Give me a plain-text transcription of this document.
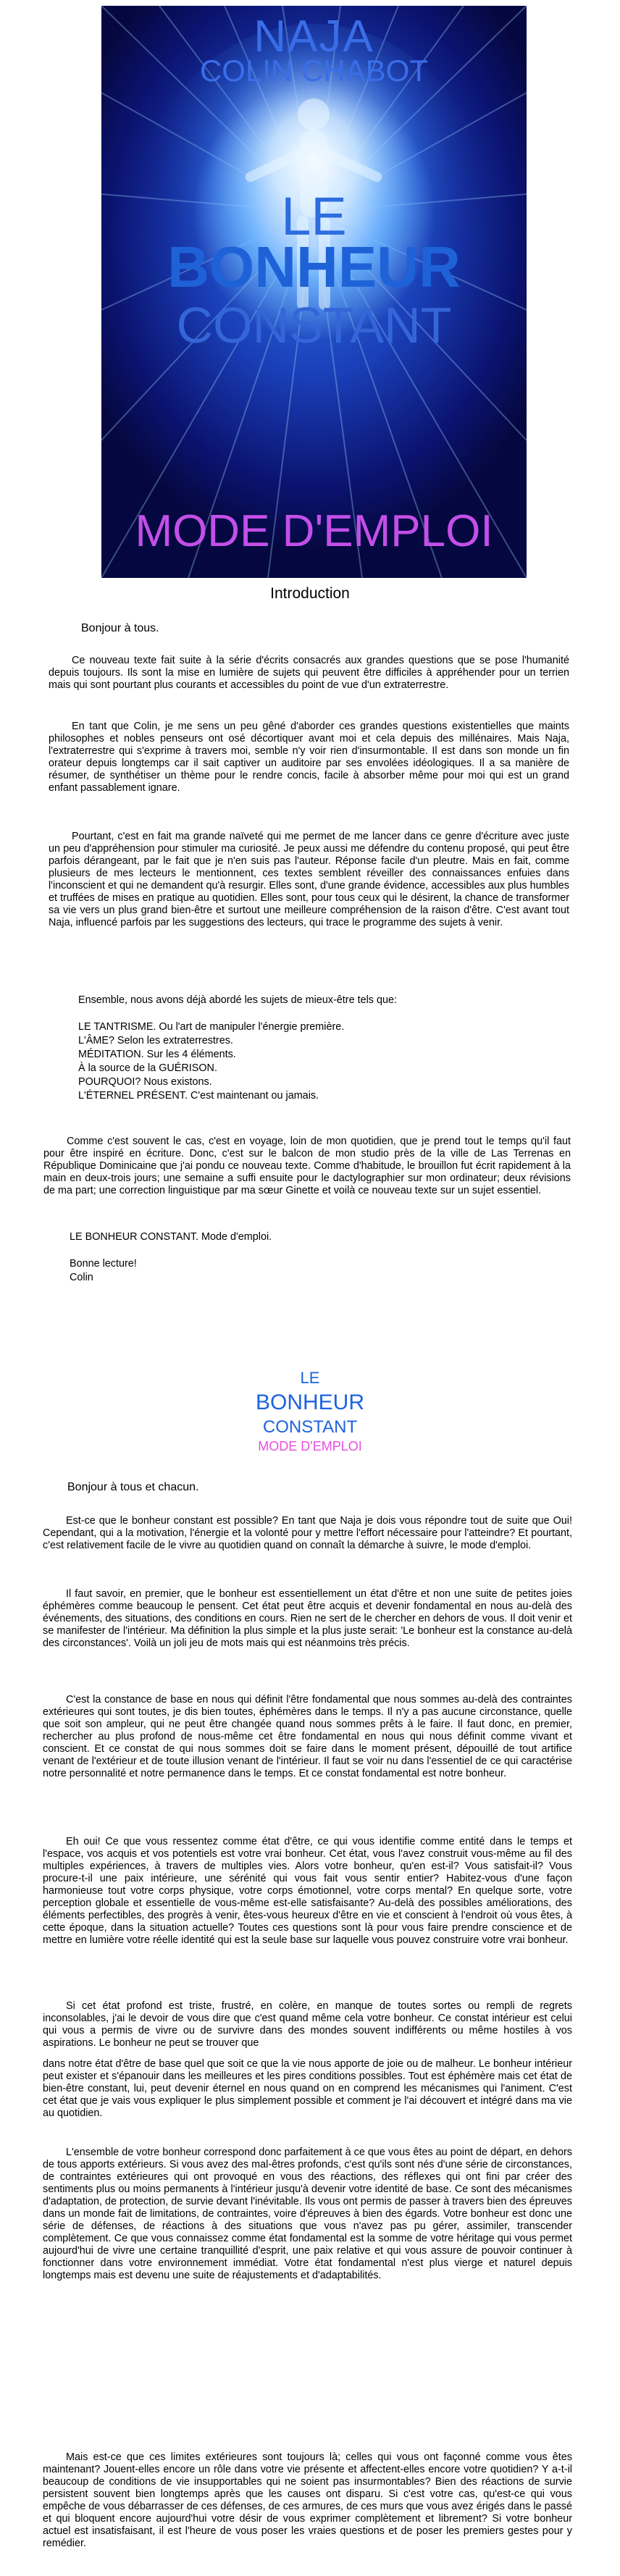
NAJA
COLIN CHABOT
LE
BONHEUR
CONSTANT
MODE D'EMPLOI
Introduction

Bonjour à tous.

Ce nouveau texte fait suite à la série d'écrits consacrés aux grandes questions que se pose l'humanité depuis toujours. Ils sont la mise en lumière de sujets qui peuvent être difficiles à appréhender pour un terrien mais qui sont pourtant plus courants et accessibles du point de vue d'un extraterrestre.

En tant que Colin, je me sens un peu gêné d'aborder ces grandes questions existentielles que maints philosophes et nobles penseurs ont osé décortiquer avant moi et cela depuis des millénaires. Mais Naja, l'extraterrestre qui s'exprime à travers moi, semble n'y voir rien d'insurmontable. Il est dans son monde un fin orateur depuis longtemps car il sait captiver un auditoire par ses envolées idéologiques. Il a sa manière de résumer, de synthétiser un thème pour le rendre concis, facile à absorber même pour moi qui est un grand enfant passablement ignare.

Pourtant, c'est en fait ma grande naïveté qui me permet de me lancer dans ce genre d'écriture avec juste un peu d'appréhension pour stimuler ma curiosité. Je peux aussi me défendre du contenu proposé, qui peut être parfois dérangeant, par le fait que je n'en suis pas l'auteur. Réponse facile d'un pleutre. Mais en fait, comme plusieurs de mes lecteurs le mentionnent, ces textes semblent réveiller des connaissances enfuies dans l'inconscient et qui ne demandent qu'à resurgir. Elles sont, d'une grande évidence, accessibles aux plus humbles et truffées de mises en pratique au quotidien. Elles sont, pour tous ceux qui le désirent, la chance de transformer sa vie vers un plus grand bien-être et surtout une meilleure compréhension de la raison d'être. C'est avant tout Naja, influencé parfois par les suggestions des lecteurs, qui trace le programme des sujets à venir.

Ensemble, nous avons déjà abordé les sujets de mieux-être tels que:

LE TANTRISME. Ou l'art de manipuler l'énergie première.

L'ÂME? Selon les extraterrestres.

MÉDITATION. Sur les 4 éléments.

À la source de la GUÉRISON.

POURQUOI? Nous existons.

L'ÉTERNEL PRÉSENT. C'est maintenant ou jamais.

Comme c'est souvent le cas, c'est en voyage, loin de mon quotidien, que je prend tout le temps qu'il faut pour être inspiré en écriture. Donc, c'est sur le balcon de mon studio près de la ville de Las Terrenas en République Dominicaine que j'ai pondu ce nouveau texte. Comme d'habitude, le brouillon fut écrit rapidement à la main en deux-trois jours; une semaine a suffi ensuite pour le dactylographier sur mon ordinateur; deux révisions de ma part; une correction linguistique par ma sœur Ginette et voilà ce nouveau texte sur un sujet essentiel.

LE BONHEUR CONSTANT. Mode d'emploi.

Bonne lecture!

Colin

LE
BONHEUR
CONSTANT
MODE D'EMPLOI

Bonjour à tous et chacun.

Est-ce que le bonheur constant est possible? En tant que Naja je dois vous répondre tout de suite que Oui! Cependant, qui a la motivation, l'énergie et la volonté pour y mettre l'effort nécessaire pour l'atteindre? Et pourtant, c'est relativement facile de le vivre au quotidien quand on connaît la démarche à suivre, le mode d'emploi.

Il faut savoir, en premier, que le bonheur est essentiellement un état d'être et non une suite de petites joies éphémères comme beaucoup le pensent. Cet état peut être acquis et devenir fondamental en nous au-delà des événements, des situations, des conditions en cours. Rien ne sert de le chercher en dehors de vous. Il doit venir et se manifester de l'intérieur. Ma définition la plus simple et la plus juste serait: 'Le bonheur est la constance au-delà des circonstances'. Voilà un joli jeu de mots mais qui est néanmoins très précis.

C'est la constance de base en nous qui définit l'être fondamental que nous sommes au-delà des contraintes extérieures qui sont toutes, je dis bien toutes, éphémères dans le temps. Il n'y a pas aucune circonstance, quelle que soit son ampleur, qui ne peut être changée quand nous sommes prêts à le faire. Il faut donc, en premier, rechercher au plus profond de nous-même cet être fondamental en nous qui nous définit comme vivant et conscient. Et ce constat de qui nous sommes doit se faire dans le moment présent, dépouillé de tout artifice venant de l'extérieur et de toute illusion venant de l'intérieur. Il faut se voir nu dans l'essentiel de ce qui caractérise notre personnalité et notre permanence dans le temps. Et ce constat fondamental est notre bonheur.

Eh oui! Ce que vous ressentez comme état d'être, ce qui vous identifie comme entité dans le temps et l'espace, vos acquis et vos potentiels est votre vrai bonheur. Cet état, vous l'avez construit vous-même au fil des multiples expériences, à travers de multiples vies. Alors votre bonheur, qu'en est-il? Vous satisfait-il? Vous procure-t-il une paix intérieure, une sérénité qui vous fait vous sentir entier? Habitez-vous d'une façon harmonieuse tout votre corps physique, votre corps émotionnel, votre corps mental? En quelque sorte, votre perception globale et essentielle de vous-même est-elle satisfaisante? Au-delà des possibles améliorations, des éléments perfectibles, des progrès à venir, êtes-vous heureux d'être en vie et conscient à l'endroit où vous êtes, à cette époque, dans la situation actuelle? Toutes ces questions sont là pour vous faire prendre conscience et de mettre en lumière votre réelle identité qui est la seule base sur laquelle vous pouvez construire votre vrai bonheur.

Si cet état profond est triste, frustré, en colère, en manque de toutes sortes ou rempli de regrets inconsolables, j'ai le devoir de vous dire que c'est quand même cela votre bonheur. Ce constat intérieur est celui qui vous a permis de vivre ou de survivre dans des mondes souvent indifférents ou même hostiles à vos aspirations. Le bonheur ne peut se trouver que

dans notre état d'être de base quel que soit ce que la vie nous apporte de joie ou de malheur. Le bonheur intérieur peut exister et s'épanouir dans les meilleures et les pires conditions possibles. Tout est éphémère mais cet état de bien-être constant, lui, peut devenir éternel en nous quand on en comprend les mécanismes qui l'animent. C'est cet état que je vais vous expliquer le plus simplement possible et comment je l'ai découvert et intégré dans ma vie au quotidien.

L'ensemble de votre bonheur correspond donc parfaitement à ce que vous êtes au point de départ, en dehors de tous apports extérieurs. Si vous avez des mal-êtres profonds, c'est qu'ils sont nés d'une série de circonstances, de contraintes extérieures qui ont provoqué en vous des réactions, des réflexes qui ont fini par créer des sentiments plus ou moins permanents à l'intérieur jusqu'à devenir votre identité de base. Ce sont des mécanismes d'adaptation, de protection, de survie devant l'inévitable. Ils vous ont permis de passer à travers bien des épreuves dans un monde fait de limitations, de contraintes, voire d'épreuves à bien des égards. Votre bonheur est donc une série de défenses, de réactions à des situations que vous n'avez pas pu gérer, assimiler, transcender complètement. Ce que vous connaissez comme état fondamental est la somme de votre héritage qui vous permet aujourd'hui de vivre une certaine tranquillité d'esprit, une paix relative et qui vous assure de pouvoir continuer à fonctionner dans votre environnement immédiat. Votre état fondamental n'est plus vierge et naturel depuis longtemps mais est devenu une suite de réajustements et d'adaptabilités.

Mais est-ce que ces limites extérieures sont toujours là; celles qui vous ont façonné comme vous êtes maintenant? Jouent-elles encore un rôle dans votre vie présente et affectent-elles encore votre quotidien? Y a-t-il beaucoup de conditions de vie insupportables qui ne soient pas insurmontables? Bien des réactions de survie persistent souvent bien longtemps après que les causes ont disparu. Si c'est votre cas, qu'est-ce qui vous empêche de vous débarrasser de ces défenses, de ces armures, de ces murs que vous avez érigés dans le passé et qui bloquent encore aujourd'hui votre désir de vous exprimer complètement et librement? Si votre bonheur actuel est insatisfaisant, il est l'heure de vous poser les vraies questions et de poser les premiers gestes pour y remédier.
